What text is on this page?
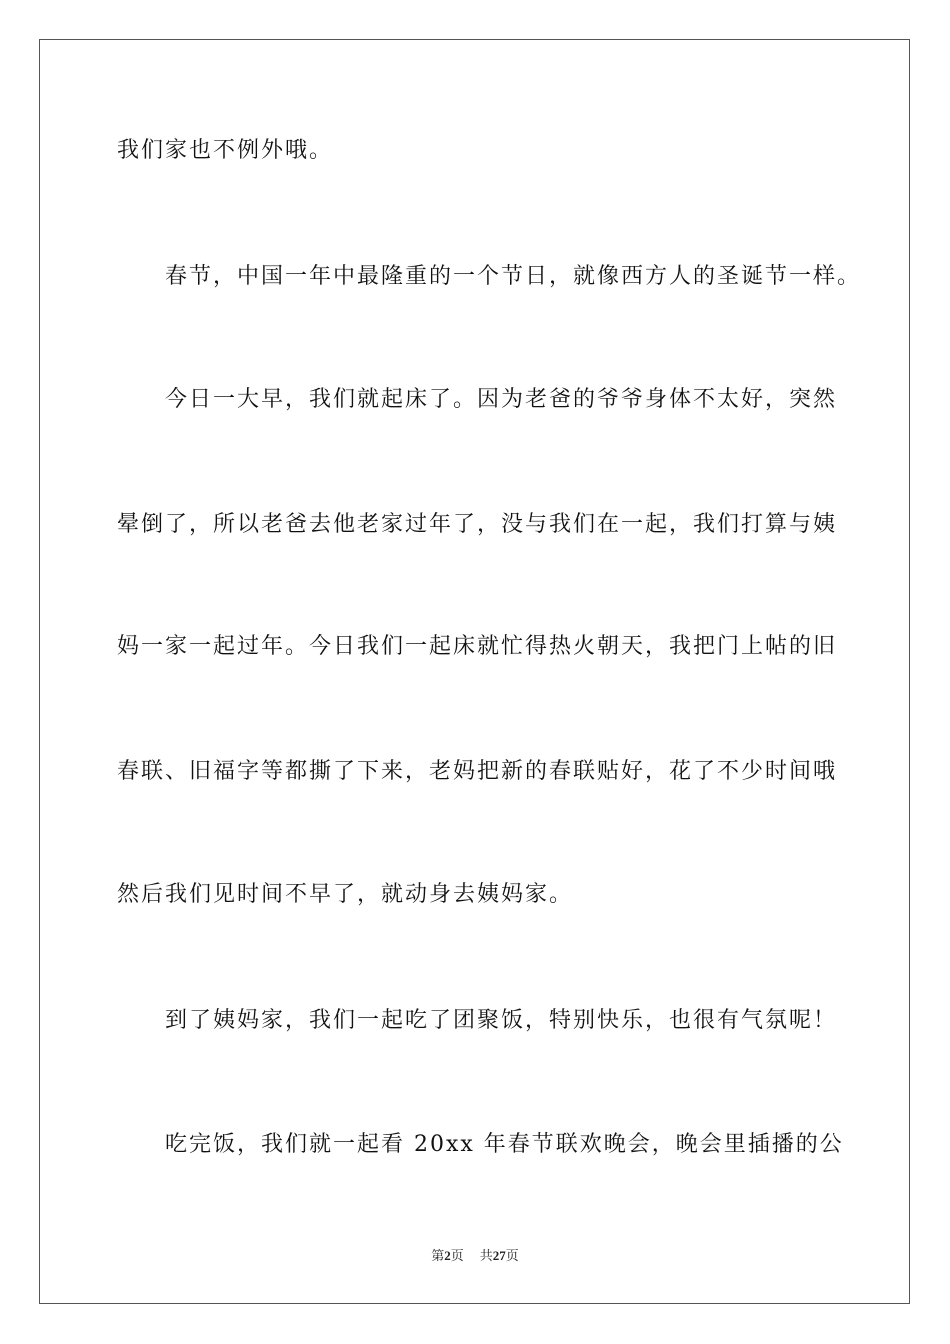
我们家也不例外哦。
春节，中国一年中最隆重的一个节日，就像西方人的圣诞节一样。
今日一大早，我们就起床了。因为老爸的爷爷身体不太好，突然
晕倒了，所以老爸去他老家过年了，没与我们在一起，我们打算与姨
妈一家一起过年。今日我们一起床就忙得热火朝天，我把门上帖的旧
春联、旧福字等都撕了下来，老妈把新的春联贴好，花了不少时间哦
然后我们见时间不早了，就动身去姨妈家。
到了姨妈家，我们一起吃了团聚饭，特别快乐，也很有气氛呢！
吃完饭，我们就一起看 20xx 年春节联欢晚会，晚会里插播的公
第2页 共27页
